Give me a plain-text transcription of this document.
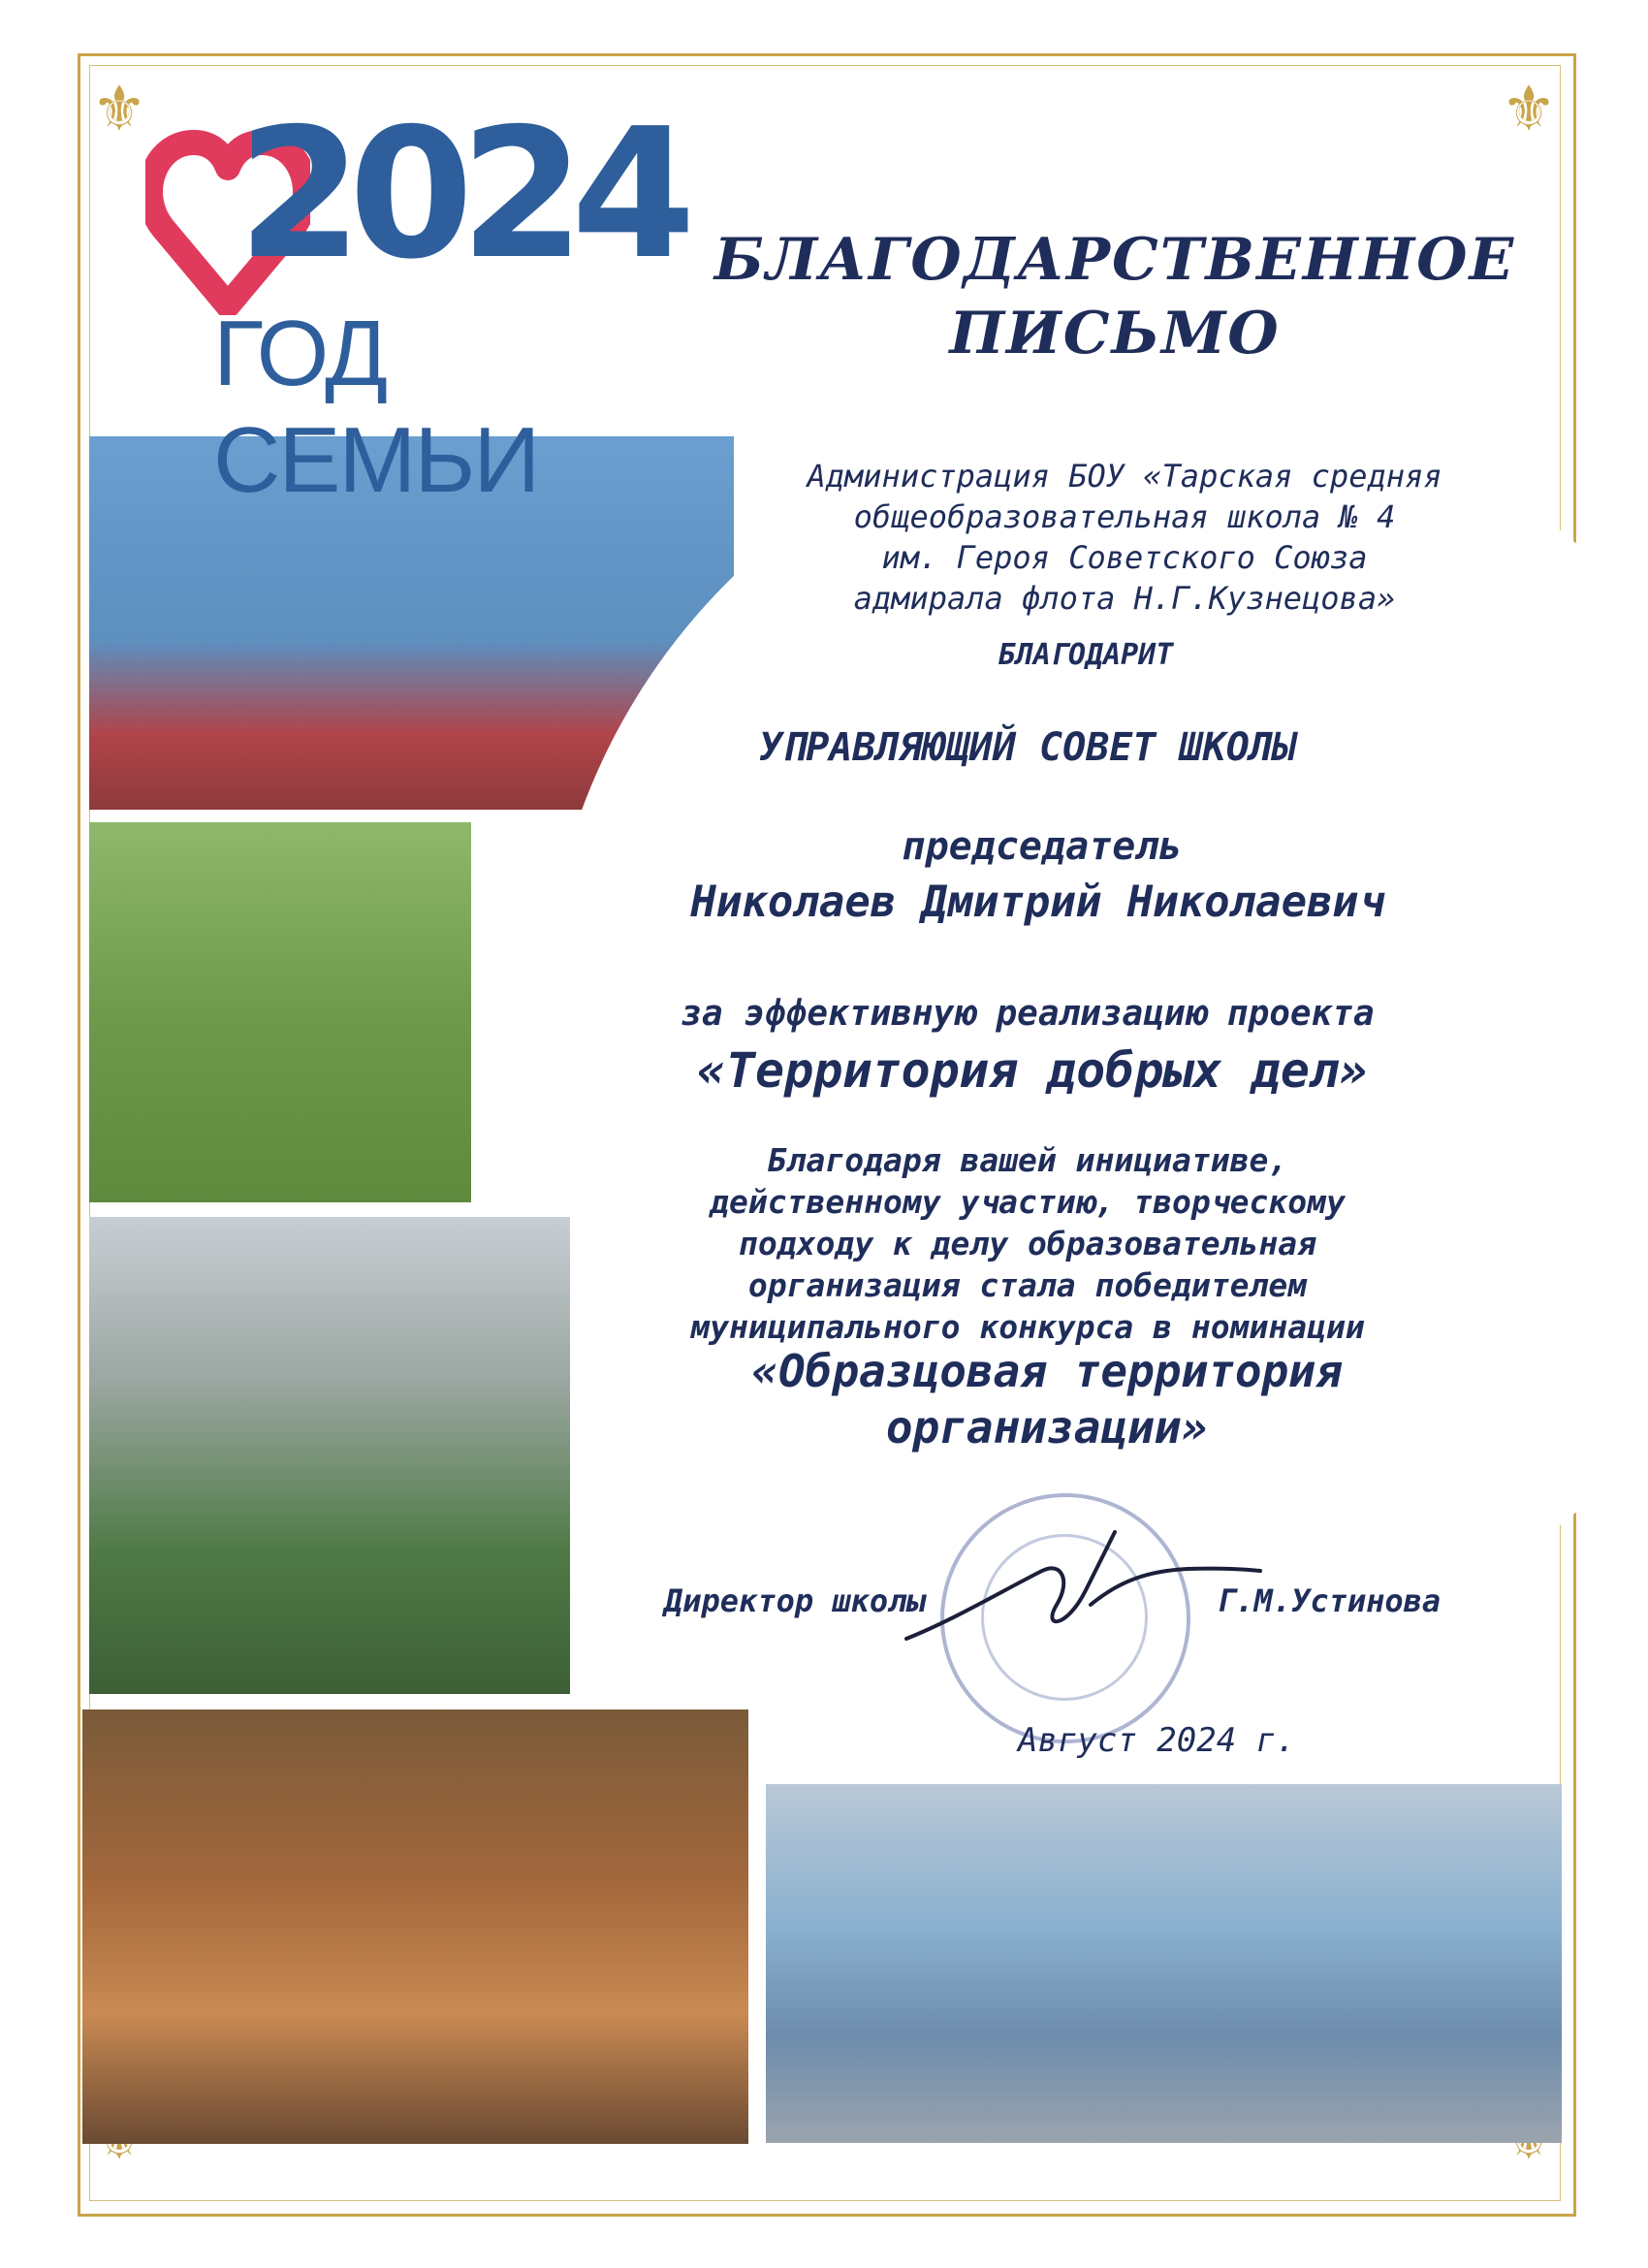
⚜	⚜
2024
ГОД СЕМЬИ
БЛАГОДАРСТВЕННОЕ
ПИСЬМО
Администрация БОУ «Тарская средняя
общеобразовательная школа № 4
им. Героя Советского Союза
адмирала флота Н.Г.Кузнецова»
БЛАГОДАРИТ
УПРАВЛЯЮЩИЙ СОВЕТ ШКОЛЫ
председатель
Николаев Дмитрий Николаевич
за эффективную реализацию проекта
«Территория добрых дел»
Благодаря вашей инициативе,
действенному участию, творческому
подходу к делу образовательная
организация стала победителем
муниципального конкурса в номинации
«Образцовая территория
организации»
Директор школы	Г.М.Устинова
Август 2024 г.
